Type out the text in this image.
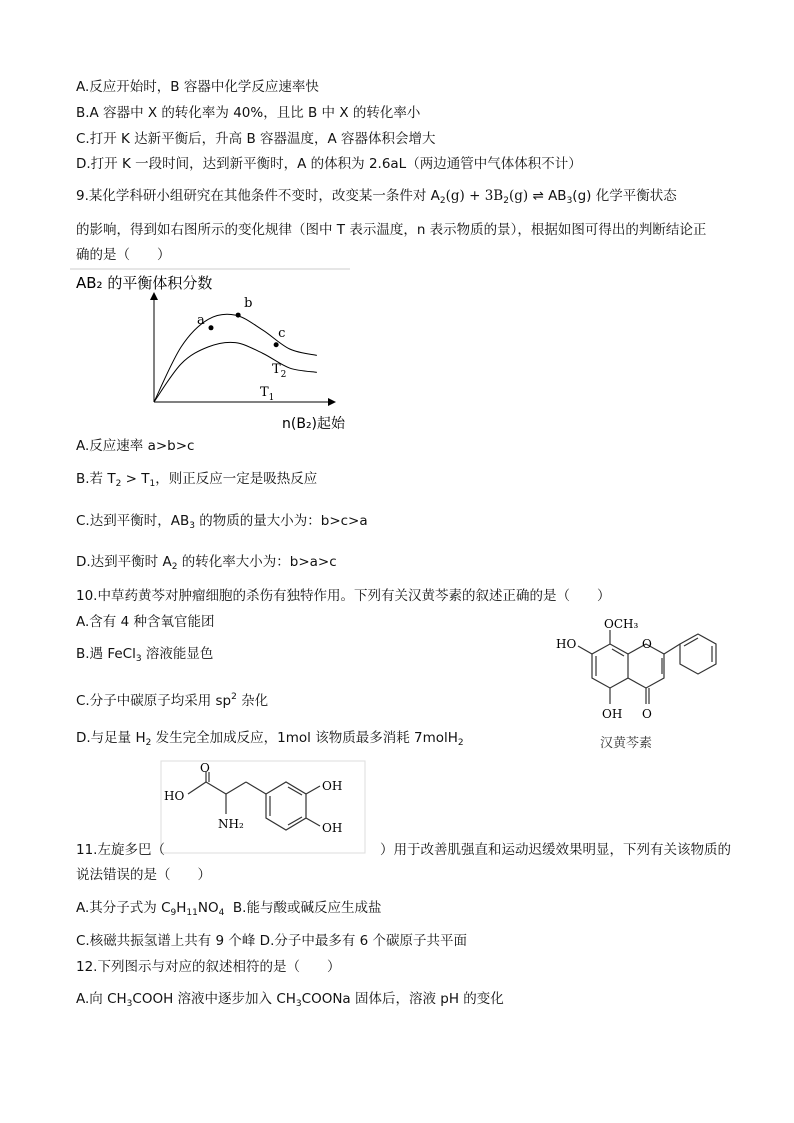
A.反应开始时，B 容器中化学反应速率快
B.A 容器中 X 的转化率为 40%，且比 B 中 X 的转化率小
C.打开 K 达新平衡后，升高 B 容器温度，A 容器体积会增大
D.打开 K 一段时间，达到新平衡时，A 的体积为 2.6aL（两边通管中气体体积不计）
9.某化学科研小组研究在其他条件不变时，改变某一条件对 $A_2(g) + 3B_2(g)$ ⇌ $AB_3(g)$ 化学平衡状态
的影响，得到如右图所示的变化规律（图中 T 表示温度，n 表示物质的景），根据如图可得出的判断结论正
确的是（　　）
AB₂ 的平衡体积分数
a
b
c
$T_2$
$T_1$
n(B₂)起始
A.反应速率 a>b>c
B.若 $T_2 > T_1$，则正反应一定是吸热反应
C.达到平衡时，$AB_3$ 的物质的量大小为：b>c>a
D.达到平衡时 $A_2$ 的转化率大小为：b>a>c
10.中草药黄芩对肿瘤细胞的杀伤有独特作用。下列有关汉黄芩素的叙述正确的是（　　）
A.含有 4 种含氧官能团
B.遇 FeCl$_3$ 溶液能显色
C.分子中碳原子均采用 $sp^2$ 杂化
D.与足量 $H_2$ 发生完全加成反应，1mol 该物质最多消耗 7molH$_2$
OCH₃
O
HO
OH O
汉黄芩素
O
HO
NH₂
OH
OH
11.左旋多巴（	）用于改善肌强直和运动迟缓效果明显，下列有关该物质的
说法错误的是（　　）
A.其分子式为 $C_9H_{11}NO_4$ B.能与酸或碱反应生成盐
C.核磁共振氢谱上共有 9 个峰 D.分子中最多有 6 个碳原子共平面
12.下列图示与对应的叙述相符的是（　　）
A.向 $CH_3COOH$ 溶液中逐步加入 $CH_3COONa$ 固体后，溶液 pH 的变化
